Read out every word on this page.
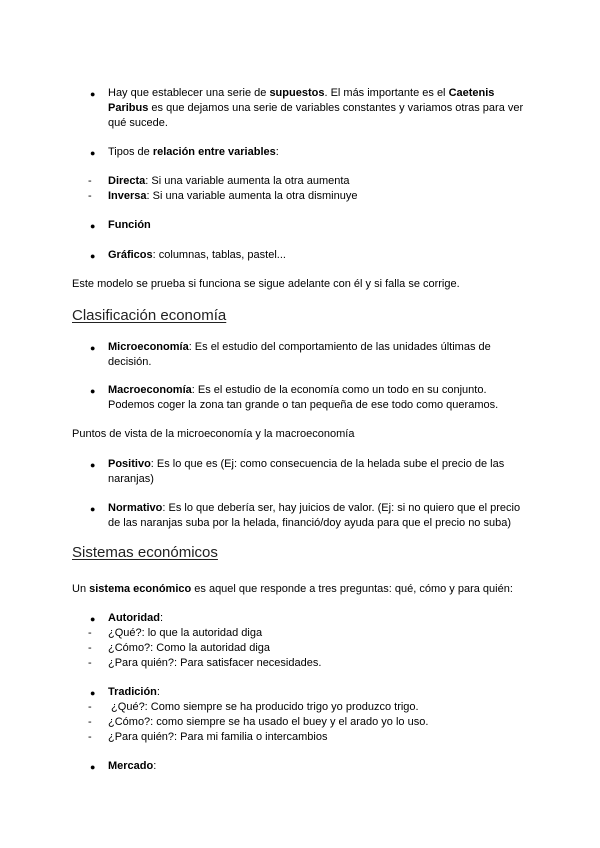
● Hay que establecer una serie de supuestos. El más importante es el Caetenis Paribus es que dejamos una serie de variables constantes y variamos otras para ver qué sucede.
● Tipos de relación entre variables:
- Directa: Si una variable aumenta la otra aumenta
- Inversa: Si una variable aumenta la otra disminuye
● Función
● Gráficos: columnas, tablas, pastel...
Este modelo se prueba si funciona se sigue adelante con él y si falla se corrige.
Clasificación economía
● Microeconomía: Es el estudio del comportamiento de las unidades últimas de decisión.
● Macroeconomía: Es el estudio de la economía como un todo en su conjunto. Podemos coger la zona tan grande o tan pequeña de ese todo como queramos.
Puntos de vista de la microeconomía y la macroeconomía
● Positivo: Es lo que es (Ej: como consecuencia de la helada sube el precio de las naranjas)
● Normativo: Es lo que debería ser, hay juicios de valor. (Ej: si no quiero que el precio de las naranjas suba por la helada, financió/doy ayuda para que el precio no suba)
Sistemas económicos
Un sistema económico es aquel que responde a tres preguntas: qué, cómo y para quién:
● Autoridad:
- ¿Qué?: lo que la autoridad diga
- ¿Cómo?: Como la autoridad diga
- ¿Para quién?: Para satisfacer necesidades.
● Tradición:
- ¿Qué?: Como siempre se ha producido trigo yo produzco trigo.
- ¿Cómo?: como siempre se ha usado el buey y el arado yo lo uso.
- ¿Para quién?: Para mi familia o intercambios
● Mercado:
